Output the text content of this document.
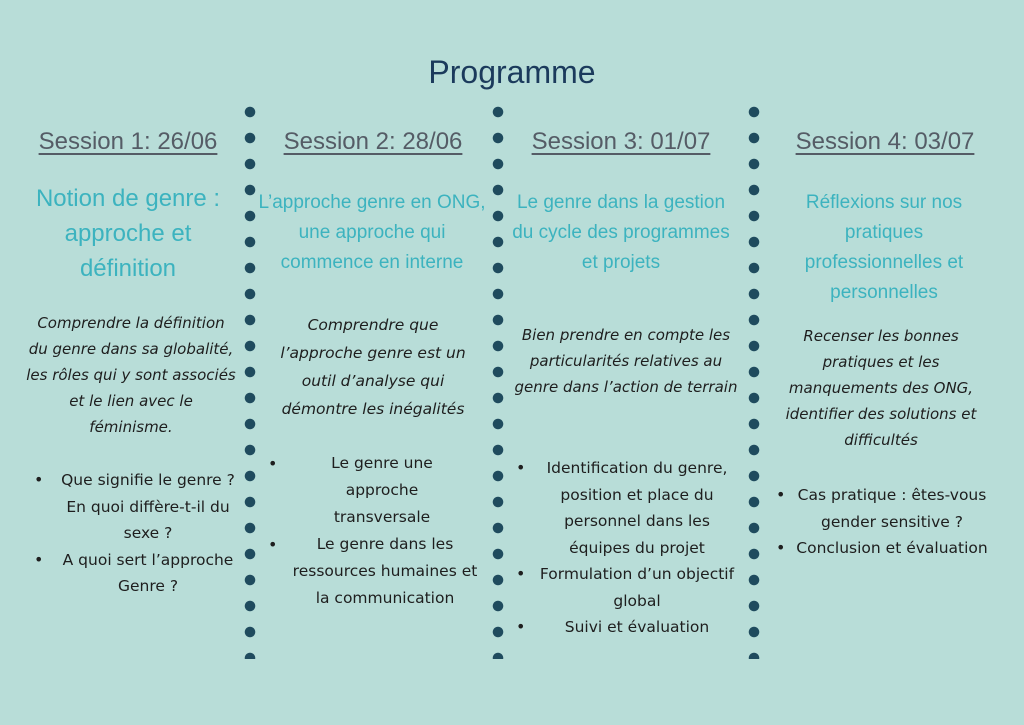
Programme

Session 1: 26/06

Notion de genre : approche et définition

Comprendre la définition du genre dans sa globalité, les rôles qui y sont associés et le lien avec le féminisme.

•	Que signifie le genre ? En quoi diffère-t-il du sexe ?
•	A quoi sert l’approche Genre ?

Session 2: 28/06

L’approche genre en ONG, une approche qui commence en interne

Comprendre que l’approche genre est un outil d’analyse qui démontre les inégalités

•	Le genre une approche transversale
•	Le genre dans les ressources humaines et la communication

Session 3: 01/07

Le genre dans la gestion du cycle des programmes et projets

Bien prendre en compte les particularités relatives au genre dans l’action de terrain

•	Identification du genre, position et place du personnel dans les équipes du projet
• Formulation d’un objectif global
•	Suivi et évaluation

Session 4: 03/07

Réflexions sur nos pratiques professionnelles et personnelles

Recenser les bonnes pratiques et les manquements des ONG, identifier des solutions et difficultés

• Cas pratique : êtes-vous gender sensitive ?
• Conclusion et évaluation
